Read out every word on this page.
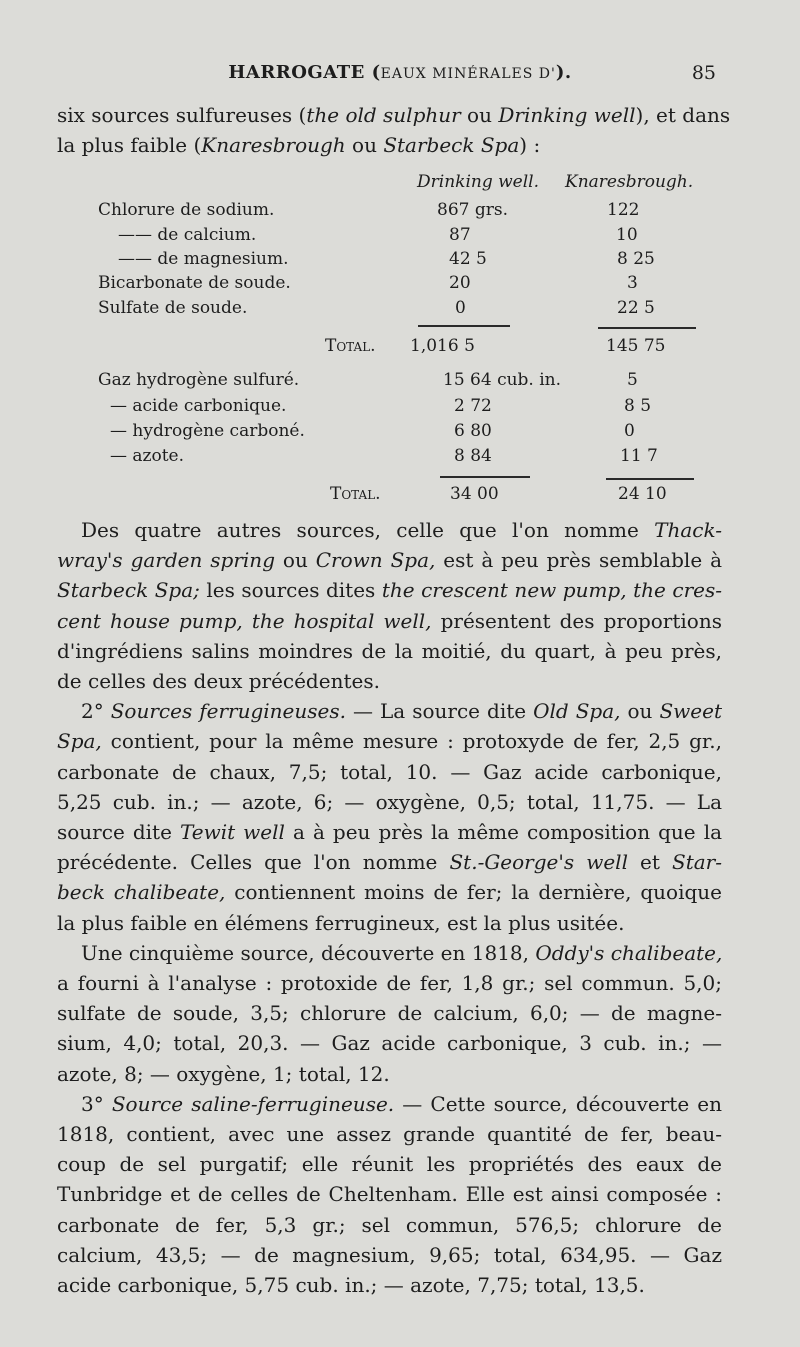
HARROGATE (EAUX MINÉRALES D').	85
six sources sulfureuses (the old sulphur ou Drinking well), et dans
la plus faible (Knaresbrough ou Starbeck Spa) :
Drinking well. Knaresbrough.
Chlorure de sodium.	867 grs.	122
—— de calcium.	87	10
—— de magnesium.	42 5	8 25
Bicarbonate de soude.	20	3
Sulfate de soude.	0	22 5
Total. 1,016 5	145 75
Gaz hydrogène sulfuré.	15 64 cub. in.	5
— acide carbonique.	2 72	8 5
— hydrogène carboné.	6 80	0
— azote.	8 84	11 7
Total.	34 00	24 10
Des quatre autres sources, celle que l'on nomme Thack-
wray's garden spring ou Crown Spa, est à peu près semblable à
Starbeck Spa; les sources dites the crescent new pump, the cres-
cent house pump, the hospital well, présentent des proportions
d'ingrédiens salins moindres de la moitié, du quart, à peu près,
de celles des deux précédentes.
2° Sources ferrugineuses. — La source dite Old Spa, ou Sweet
Spa, contient, pour la même mesure : protoxyde de fer, 2,5 gr.,
carbonate de chaux, 7,5; total, 10. — Gaz acide carbonique,
5,25 cub. in.; — azote, 6; — oxygène, 0,5; total, 11,75. — La
source dite Tewit well a à peu près la même composition que la
précédente. Celles que l'on nomme St.-George's well et Star-
beck chalibeate, contiennent moins de fer; la dernière, quoique
la plus faible en élémens ferrugineux, est la plus usitée.
Une cinquième source, découverte en 1818, Oddy's chalibeate,
a fourni à l'analyse : protoxide de fer, 1,8 gr.; sel commun. 5,0;
sulfate de soude, 3,5; chlorure de calcium, 6,0; — de magne-
sium, 4,0; total, 20,3. — Gaz acide carbonique, 3 cub. in.; —
azote, 8; — oxygène, 1; total, 12.
3° Source saline-ferrugineuse. — Cette source, découverte en
1818, contient, avec une assez grande quantité de fer, beau-
coup de sel purgatif; elle réunit les propriétés des eaux de
Tunbridge et de celles de Cheltenham. Elle est ainsi composée :
carbonate de fer, 5,3 gr.; sel commun, 576,5; chlorure de
calcium, 43,5; — de magnesium, 9,65; total, 634,95. — Gaz
acide carbonique, 5,75 cub. in.; — azote, 7,75; total, 13,5.
